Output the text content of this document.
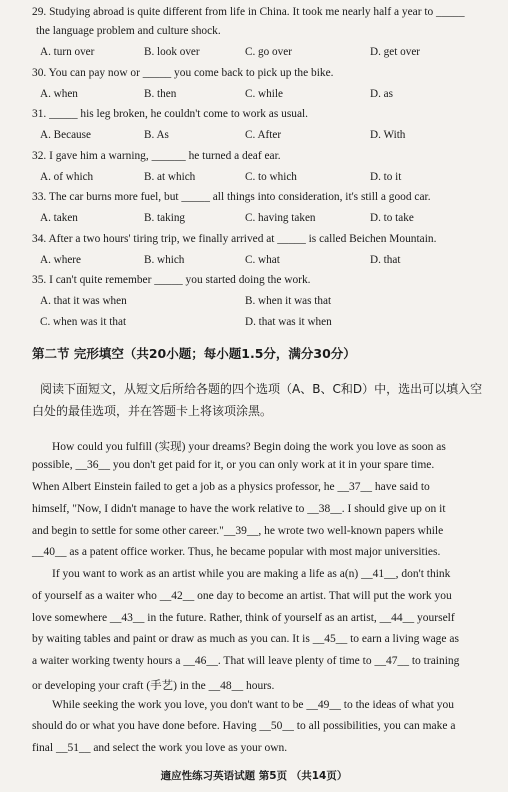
29. Studying abroad is quite different from life in China. It took me nearly half a year to _____
the language problem and culture shock.
A. turn over	B. look over	C. go over	D. get over
30. You can pay now or _____ you come back to pick up the bike.
A. when	B. then	C. while	D. as
31. _____ his leg broken, he couldn't come to work as usual.
A. Because	B. As	C. After	D. With
32. I gave him a warning, ______ he turned a deaf ear.
A. of which	B. at which	C. to which	D. to it
33. The car burns more fuel, but _____ all things into consideration, it's still a good car.
A. taken	B. taking	C. having taken	D. to take
34. After a two hours' tiring trip, we finally arrived at _____ is called Beichen Mountain.
A. where	B. which	C. what	D. that
35. I can't quite remember _____ you started doing the work.
A. that it was when	B. when it was that
C. when was it that	D. that was it when
第二节 完形填空（共20小题；每小题1.5分，满分30分）
阅读下面短文，从短文后所给各题的四个选项（A、B、C和D）中，选出可以填入空
白处的最佳选项，并在答题卡上将该项涂黑。
How could you fulfill (实现) your dreams? Begin doing the work you love as soon as
possible, __36__ you don't get paid for it, or you can only work at it in your spare time.
When Albert Einstein failed to get a job as a physics professor, he __37__ have said to
himself, "Now, I didn't manage to have the work relative to __38__. I should give up on it
and begin to settle for some other career."__39__, he wrote two well-known papers while
__40__ as a patent office worker. Thus, he became popular with most major universities.
If you want to work as an artist while you are making a life as a(n) __41__, don't think
of yourself as a waiter who __42__ one day to become an artist. That will put the work you
love somewhere __43__ in the future. Rather, think of yourself as an artist, __44__ yourself
by waiting tables and paint or draw as much as you can. It is __45__ to earn a living wage as
a waiter working twenty hours a __46__. That will leave plenty of time to __47__ to training
or developing your craft (手艺) in the __48__ hours.
While seeking the work you love, you don't want to be __49__ to the ideas of what you
should do or what you have done before. Having __50__ to all possibilities, you can make a
final __51__ and select the work you love as your own.
適应性练习英语试题 第5页 （共14页）
